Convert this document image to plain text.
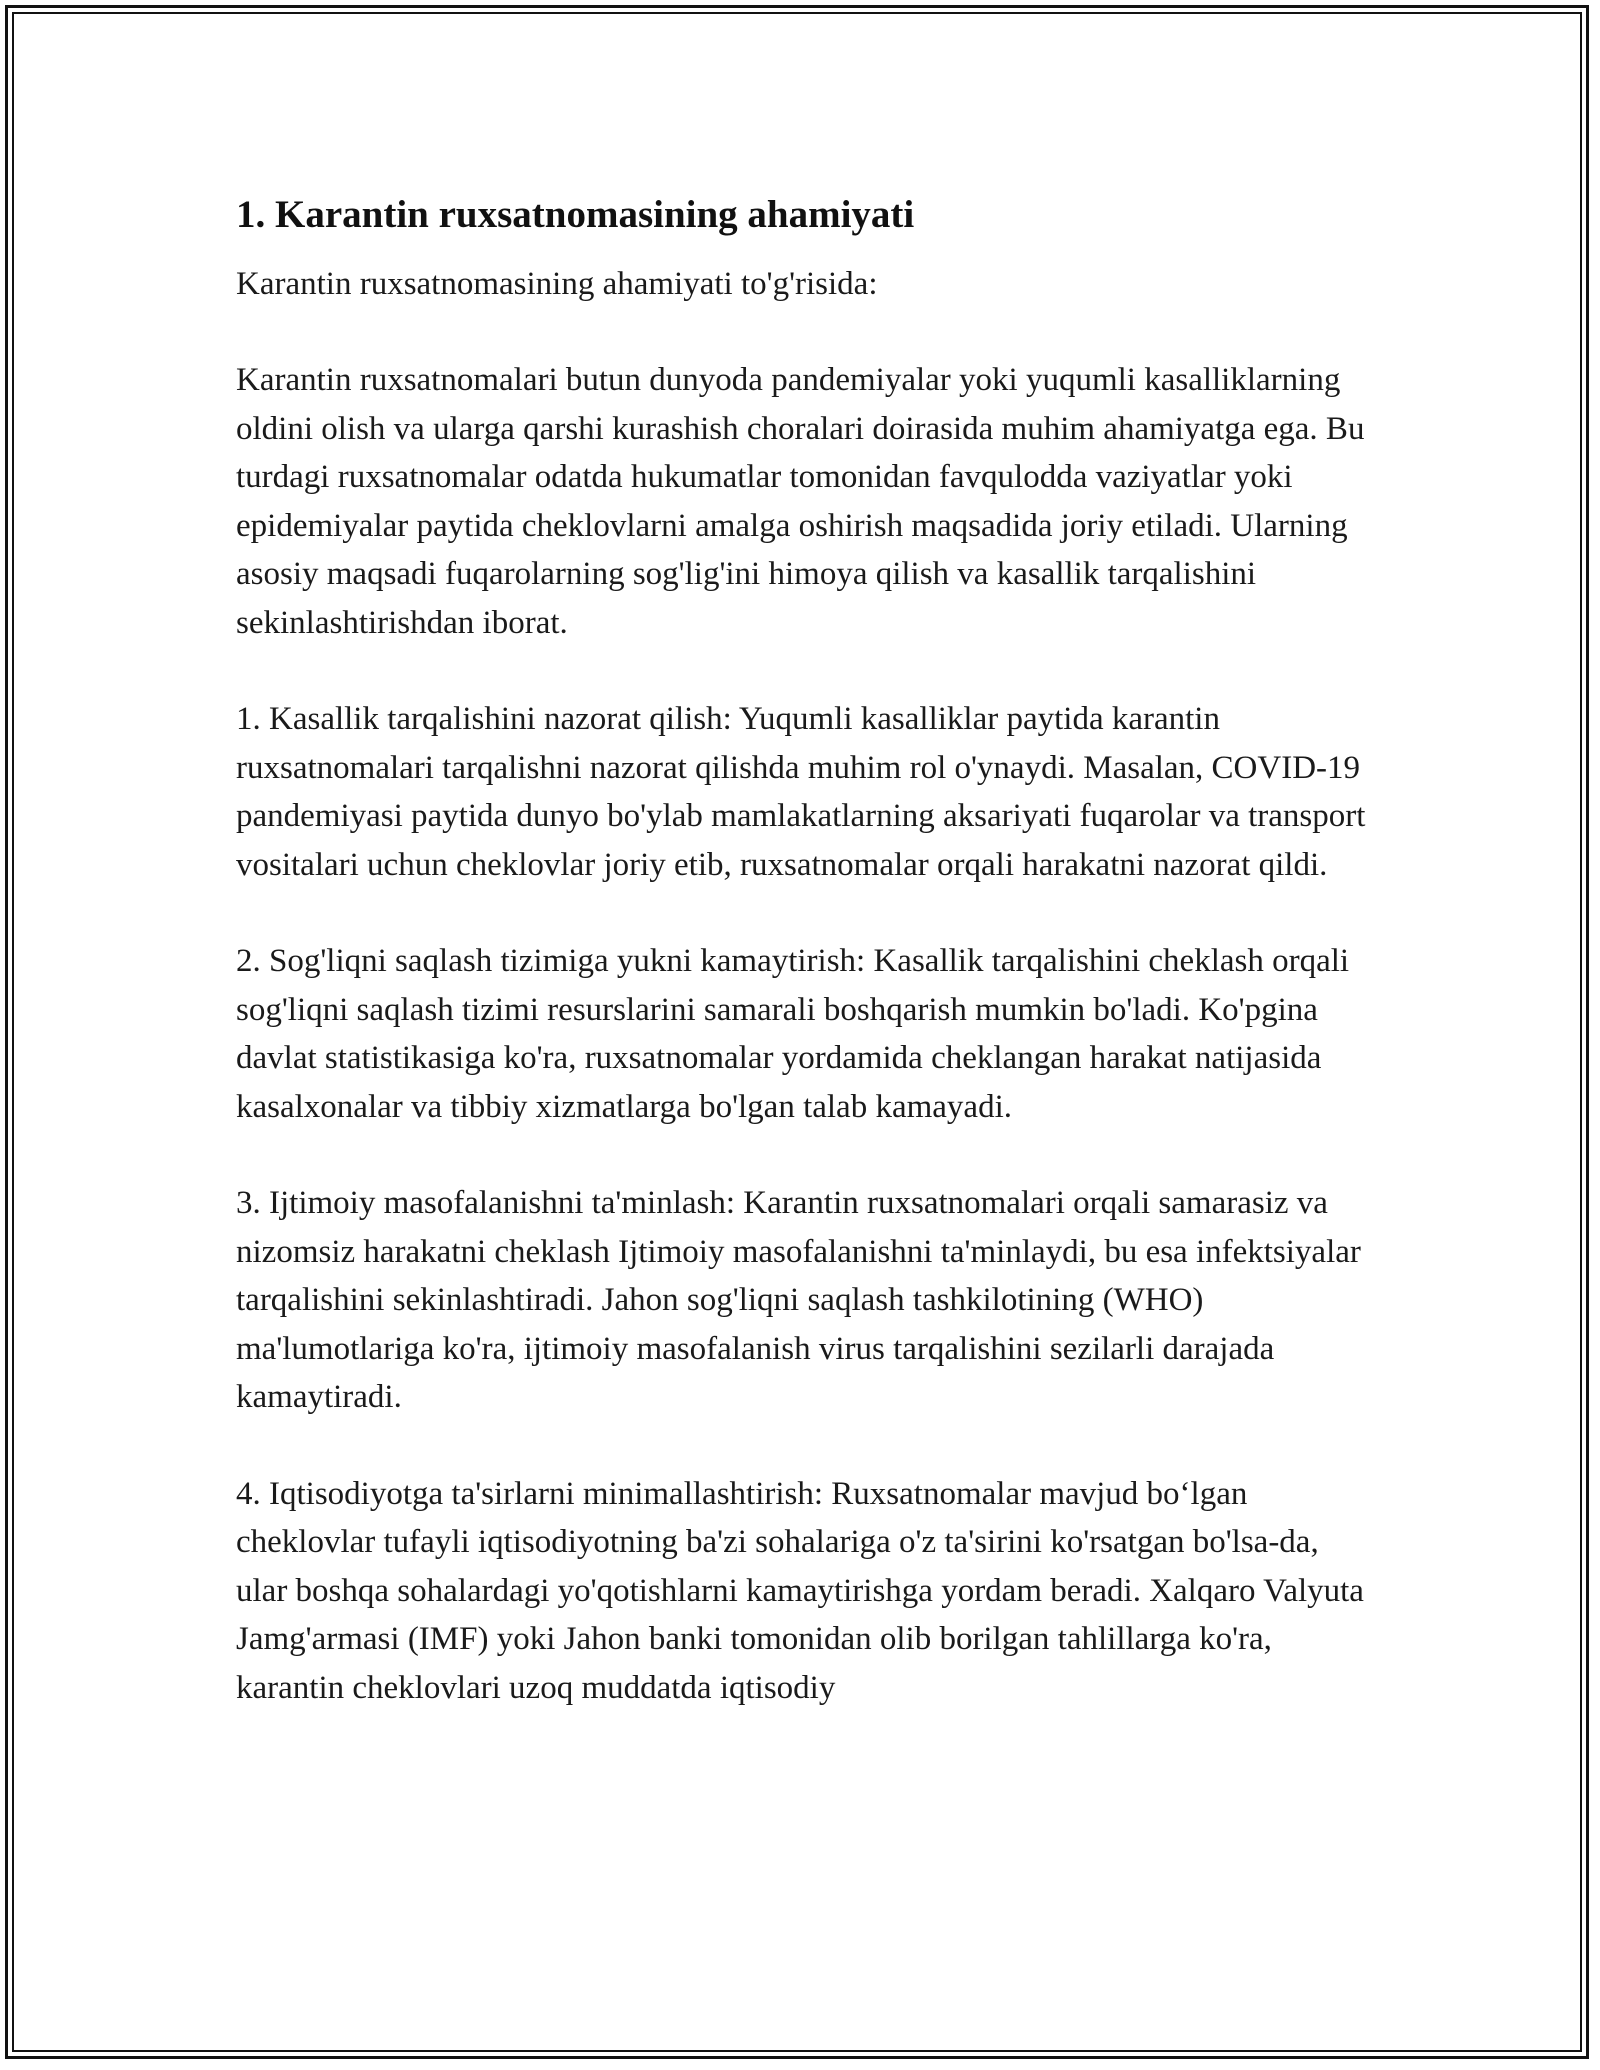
1. Karantin ruxsatnomasining ahamiyati

Karantin ruxsatnomasining ahamiyati to'g'risida:

Karantin ruxsatnomalari butun dunyoda pandemiyalar yoki yuqumli kasalliklarning oldini olish va ularga qarshi kurashish choralari doirasida muhim ahamiyatga ega. Bu turdagi ruxsatnomalar odatda hukumatlar tomonidan favqulodda vaziyatlar yoki epidemiyalar paytida cheklovlarni amalga oshirish maqsadida joriy etiladi. Ularning asosiy maqsadi fuqarolarning sog'lig'ini himoya qilish va kasallik tarqalishini sekinlashtirishdan iborat.

1. Kasallik tarqalishini nazorat qilish: Yuqumli kasalliklar paytida karantin ruxsatnomalari tarqalishni nazorat qilishda muhim rol o'ynaydi. Masalan, COVID-19 pandemiyasi paytida dunyo bo'ylab mamlakatlarning aksariyati fuqarolar va transport vositalari uchun cheklovlar joriy etib, ruxsatnomalar orqali harakatni nazorat qildi.

2. Sog'liqni saqlash tizimiga yukni kamaytirish: Kasallik tarqalishini cheklash orqali sog'liqni saqlash tizimi resurslarini samarali boshqarish mumkin bo'ladi. Ko'pgina davlat statistikasiga ko'ra, ruxsatnomalar yordamida cheklangan harakat natijasida kasalxonalar va tibbiy xizmatlarga bo'lgan talab kamayadi.

3. Ijtimoiy masofalanishni ta'minlash: Karantin ruxsatnomalari orqali samarasiz va nizomsiz harakatni cheklash Ijtimoiy masofalanishni ta'minlaydi, bu esa infektsiyalar tarqalishini sekinlashtiradi. Jahon sog'liqni saqlash tashkilotining (WHO) ma'lumotlariga ko'ra, ijtimoiy masofalanish virus tarqalishini sezilarli darajada kamaytiradi.

4. Iqtisodiyotga ta'sirlarni minimallashtirish: Ruxsatnomalar mavjud bo‘lgan cheklovlar tufayli iqtisodiyotning ba'zi sohalariga o'z ta'sirini ko'rsatgan bo'lsa-da, ular boshqa sohalardagi yo'qotishlarni kamaytirishga yordam beradi. Xalqaro Valyuta Jamg'armasi (IMF) yoki Jahon banki tomonidan olib borilgan tahlillarga ko'ra, karantin cheklovlari uzoq muddatda iqtisodiy
